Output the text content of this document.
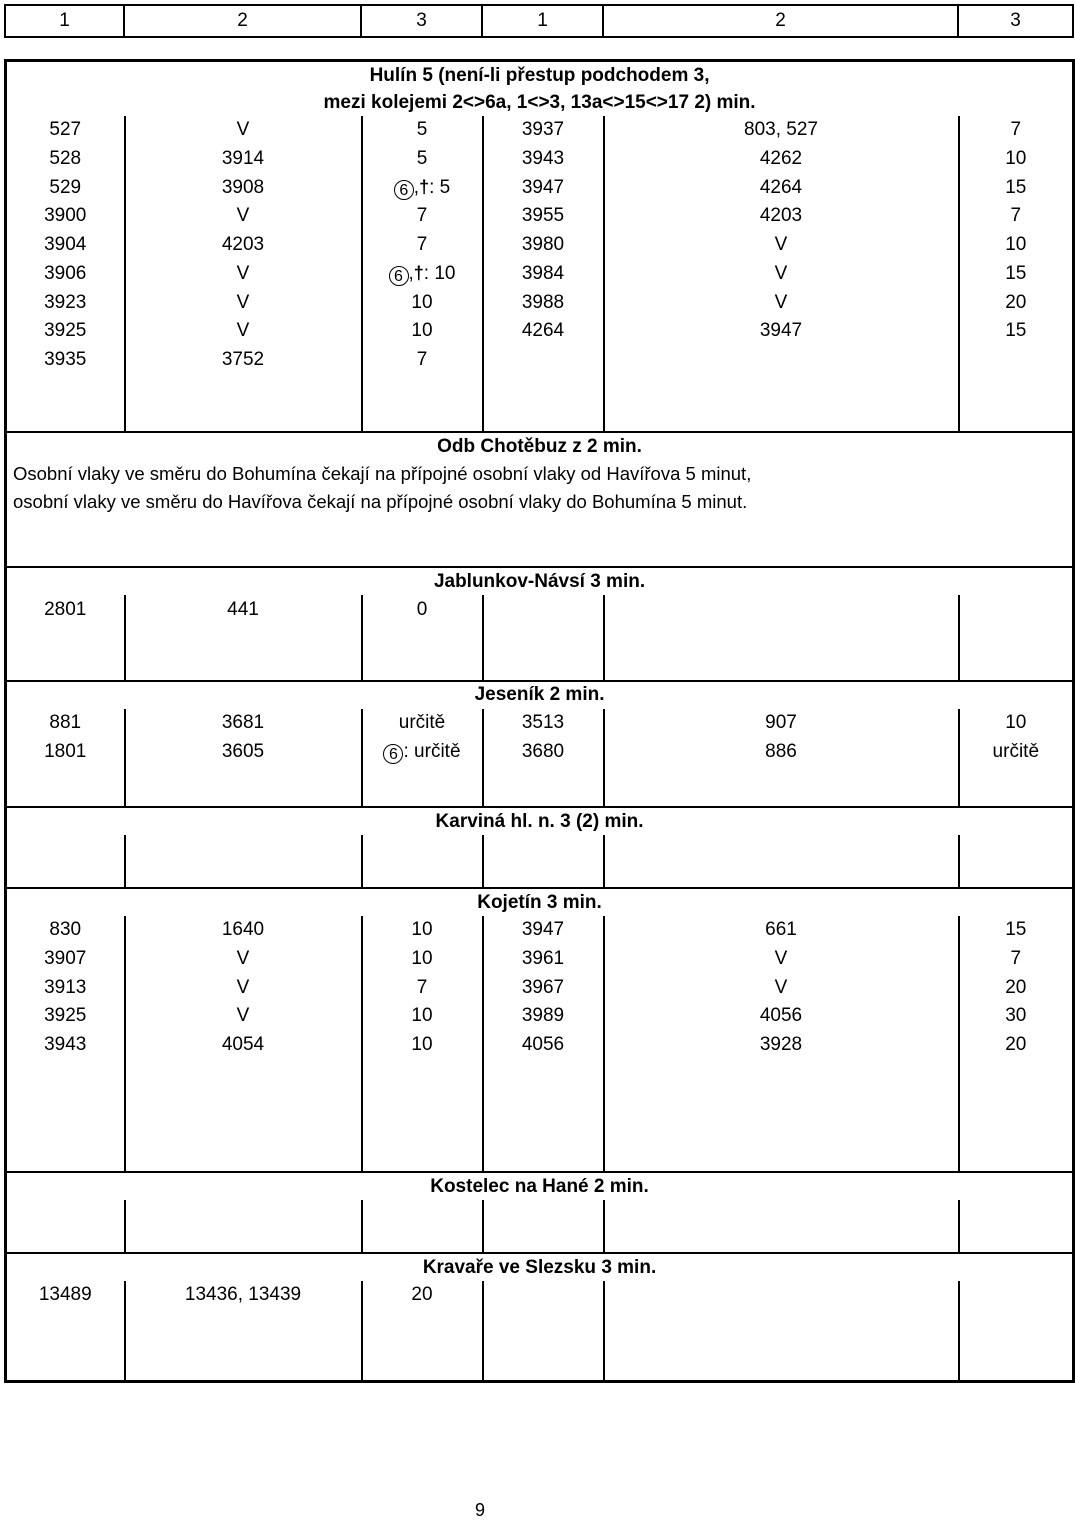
1	2	3	1	2	3
Hulín 5 (není-li přestup podchodem 3,					
mezi kolejemi 2<>6a, 1<>3, 13a<>15<>17 2) min.					
527	V	5	3937	803, 527	7
528	3914	5	3943	4262	10
529	3908	6 ,†: 5	3947	4264	15
3900	V	7	3955	4203	7
3904	4203	7	3980	V	10
3906	V	6 ,†: 10	3984	V	15
3923	V	10	3988	V	20
3925	V	10	4264	3947	15
3935	3752	7			

Odb Chotěbuz z 2 min.					
Osobní vlaky ve směru do Bohumína čekají na přípojné osobní vlaky od Havířova 5 minut,					
osobní vlaky ve směru do Havířova čekají na přípojné osobní vlaky do Bohumína 5 minut.					

Jablunkov-Návsí 3 min.					
2801	441	0			

Jeseník 2 min.					
881	3681	určitě	3513	907	10
1801	3605	6 : určitě	3680	886	určitě

Karviná hl. n. 3 (2) min.					

Kojetín 3 min.					
830	1640	10	3947	661	15
3907	V	10	3961	V	7
3913	V	7	3967	V	20
3925	V	10	3989	4056	30
3943	4054	10	4056	3928	20

Kostelec na Hané 2 min.					

Kravaře ve Slezsku 3 min.					
13489	13436, 13439	20			

9
